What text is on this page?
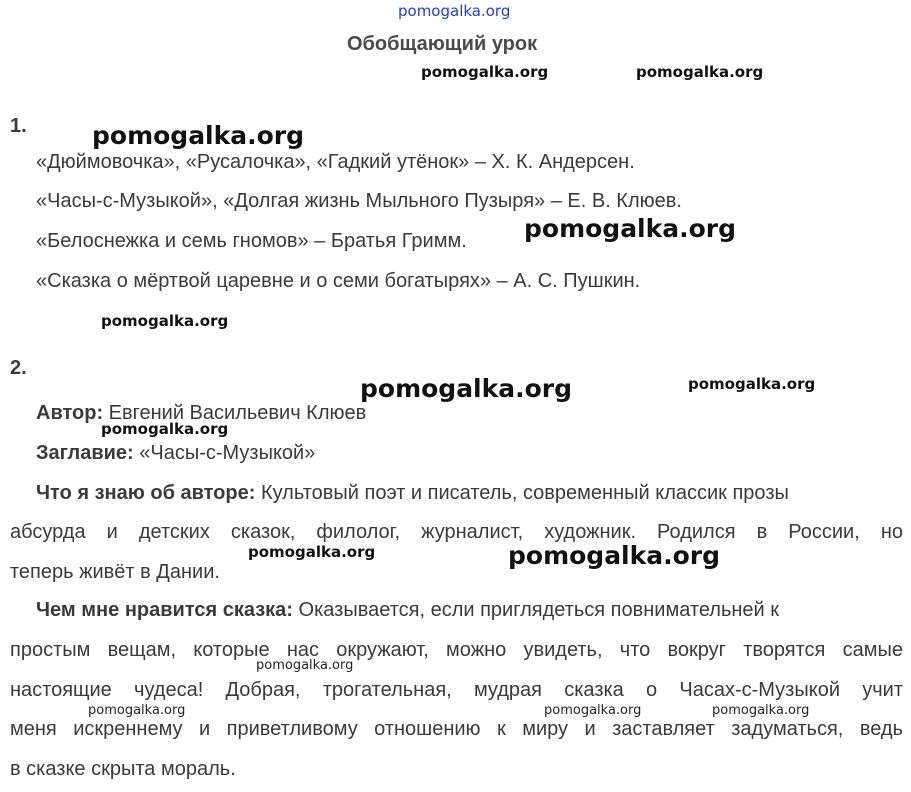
pomogalka.org
pomogalka.org	pomogalka.org
pomogalka.org
pomogalka.org
pomogalka.org
pomogalka.org	pomogalka.org
pomogalka.org
pomogalka.org	pomogalka.org
pomogalka.org
pomogalka.org	pomogalka.org	pomogalka.org
Обобщающий урок
1.
«Дюймовочка», «Русалочка», «Гадкий утёнок» – Х. К. Андерсен.
«Часы-с-Музыкой», «Долгая жизнь Мыльного Пузыря» – Е. В. Клюев.
«Белоснежка и семь гномов» – Братья Гримм.
«Сказка о мёртвой царевне и о семи богатырях» – А. С. Пушкин.
2.
Автор: Евгений Васильевич Клюев
Заглавие: «Часы-с-Музыкой»
Что я знаю об авторе: Культовый поэт и писатель, современный классик прозы
абсурда и детских сказок, филолог, журналист, художник. Родился в России, но
теперь живёт в Дании.
Чем мне нравится сказка: Оказывается, если приглядеться повнимательней к
простым вещам, которые нас окружают, можно увидеть, что вокруг творятся самые
настоящие чудеса! Добрая, трогательная, мудрая сказка о Часах-с-Музыкой учит
меня искреннему и приветливому отношению к миру и заставляет задуматься, ведь
в сказке скрыта мораль.
